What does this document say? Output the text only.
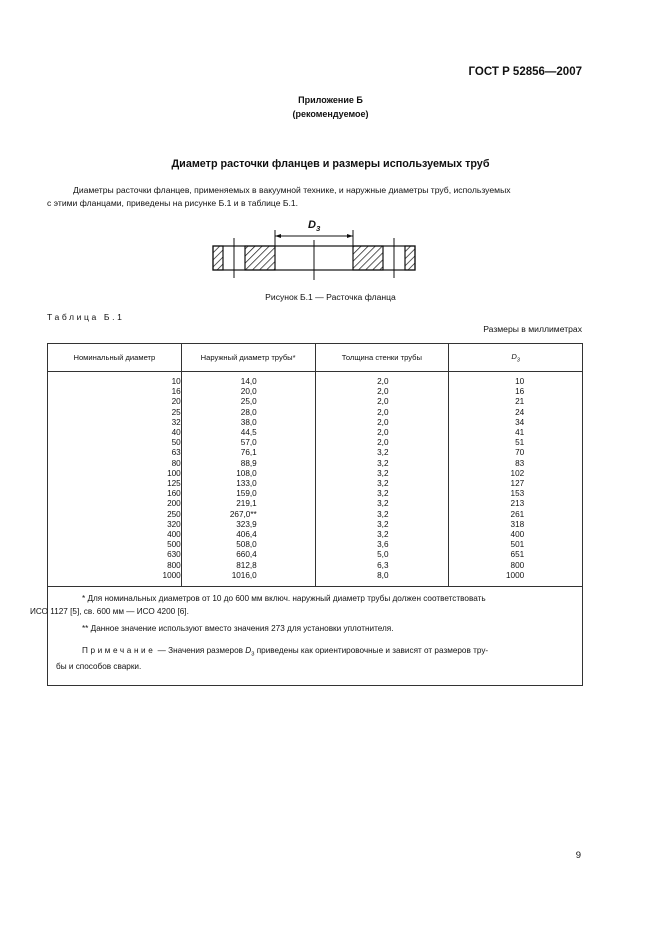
ГОСТ Р 52856—2007
Приложение Б
(рекомендуемое)
Диаметр расточки фланцев и размеры используемых труб
Диаметры расточки фланцев, применяемых в вакуумной технике, и наружные диаметры труб, используемых
с этими фланцами, приведены на рисунке Б.1 и в таблице Б.1.
$D_3$
Рисунок Б.1 — Расточка фланца
Таблица Б.1
Размеры в миллиметрах
Номинальный диаметр	Наружный диаметр трубы*	Толщина стенки трубы	$D_3$
10	14,0	2,0	10
16	20,0	2,0	16
20	25,0	2,0	21
25	28,0	2,0	24
32	38,0	2,0	34
40	44,5	2,0	41
50	57,0	2,0	51
63	76,1	3,2	70
80	88,9	3,2	83
100	108,0	3,2	102
125	133,0	3,2	127
160	159,0	3,2	153
200	219,1	3,2	213
250	267,0**	3,2	261
320	323,9	3,2	318
400	406,4	3,2	400
500	508,0	3,6	501
630	660,4	5,0	651
800	812,8	6,3	800
1000	1016,0	8,0	1000

* Для номинальных диаметров от 10 до 600 мм включ. наружный диаметр трубы должен соответствовать
ИСО 1127 [5], св. 600 мм — ИСО 4200 [6].

** Данное значение используют вместо значения 273 для установки уплотнителя.

Примечание — Значения размеров $D_3$ приведены как ориентировочные и зависят от размеров тру-
бы и способов сварки.			

9
